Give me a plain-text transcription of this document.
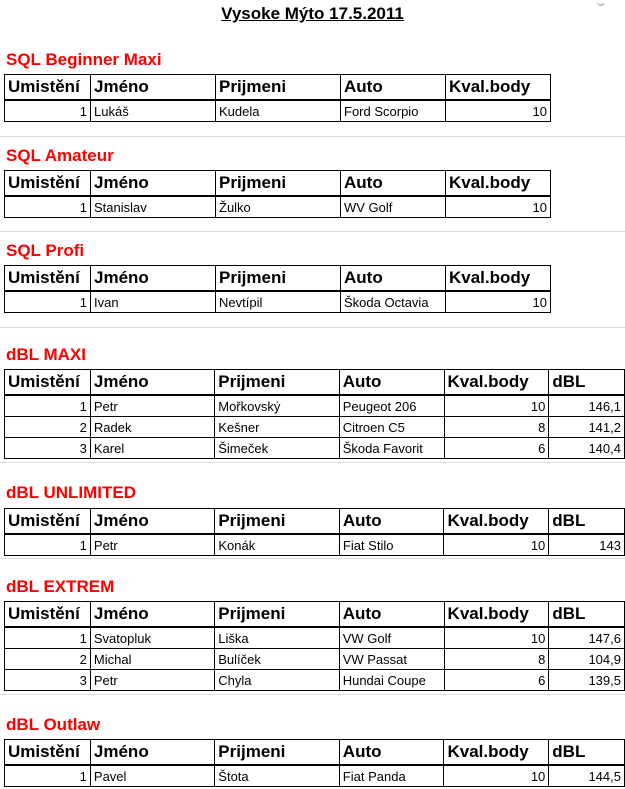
Vysoke Mýto 17.5.2011
SQL Beginner Maxi
Umistění	Jméno	Prijmeni	Auto	Kval.body
1	Lukáš	Kudela	Ford Scorpio	10
SQL Amateur
Umistění	Jméno	Prijmeni	Auto	Kval.body
1	Stanislav	Žulko	WV Golf	10
SQL Profi
Umistění	Jméno	Prijmeni	Auto	Kval.body
1	Ivan	Nevtípil	Škoda Octavia	10
dBL MAXI
Umistění	Jméno	Prijmeni	Auto	Kval.body	dBL
1	Petr	Mořkovský	Peugeot 206	10	146,1
2	Radek	Kešner	Citroen C5	8	141,2
3	Karel	Šimeček	Škoda Favorit	6	140,4
dBL UNLIMITED
Umistění	Jméno	Prijmeni	Auto	Kval.body	dBL
1	Petr	Konák	Fiat Stilo	10	143
dBL EXTREM
Umistění	Jméno	Prijmeni	Auto	Kval.body	dBL
1	Svatopluk	Liška	VW Golf	10	147,6
2	Michal	Bulíček	VW Passat	8	104,9
3	Petr	Chyla	Hundai Coupe	6	139,5
dBL Outlaw
Umistění	Jméno	Prijmeni	Auto	Kval.body	dBL
1	Pavel	Štota	Fiat Panda	10	144,5
